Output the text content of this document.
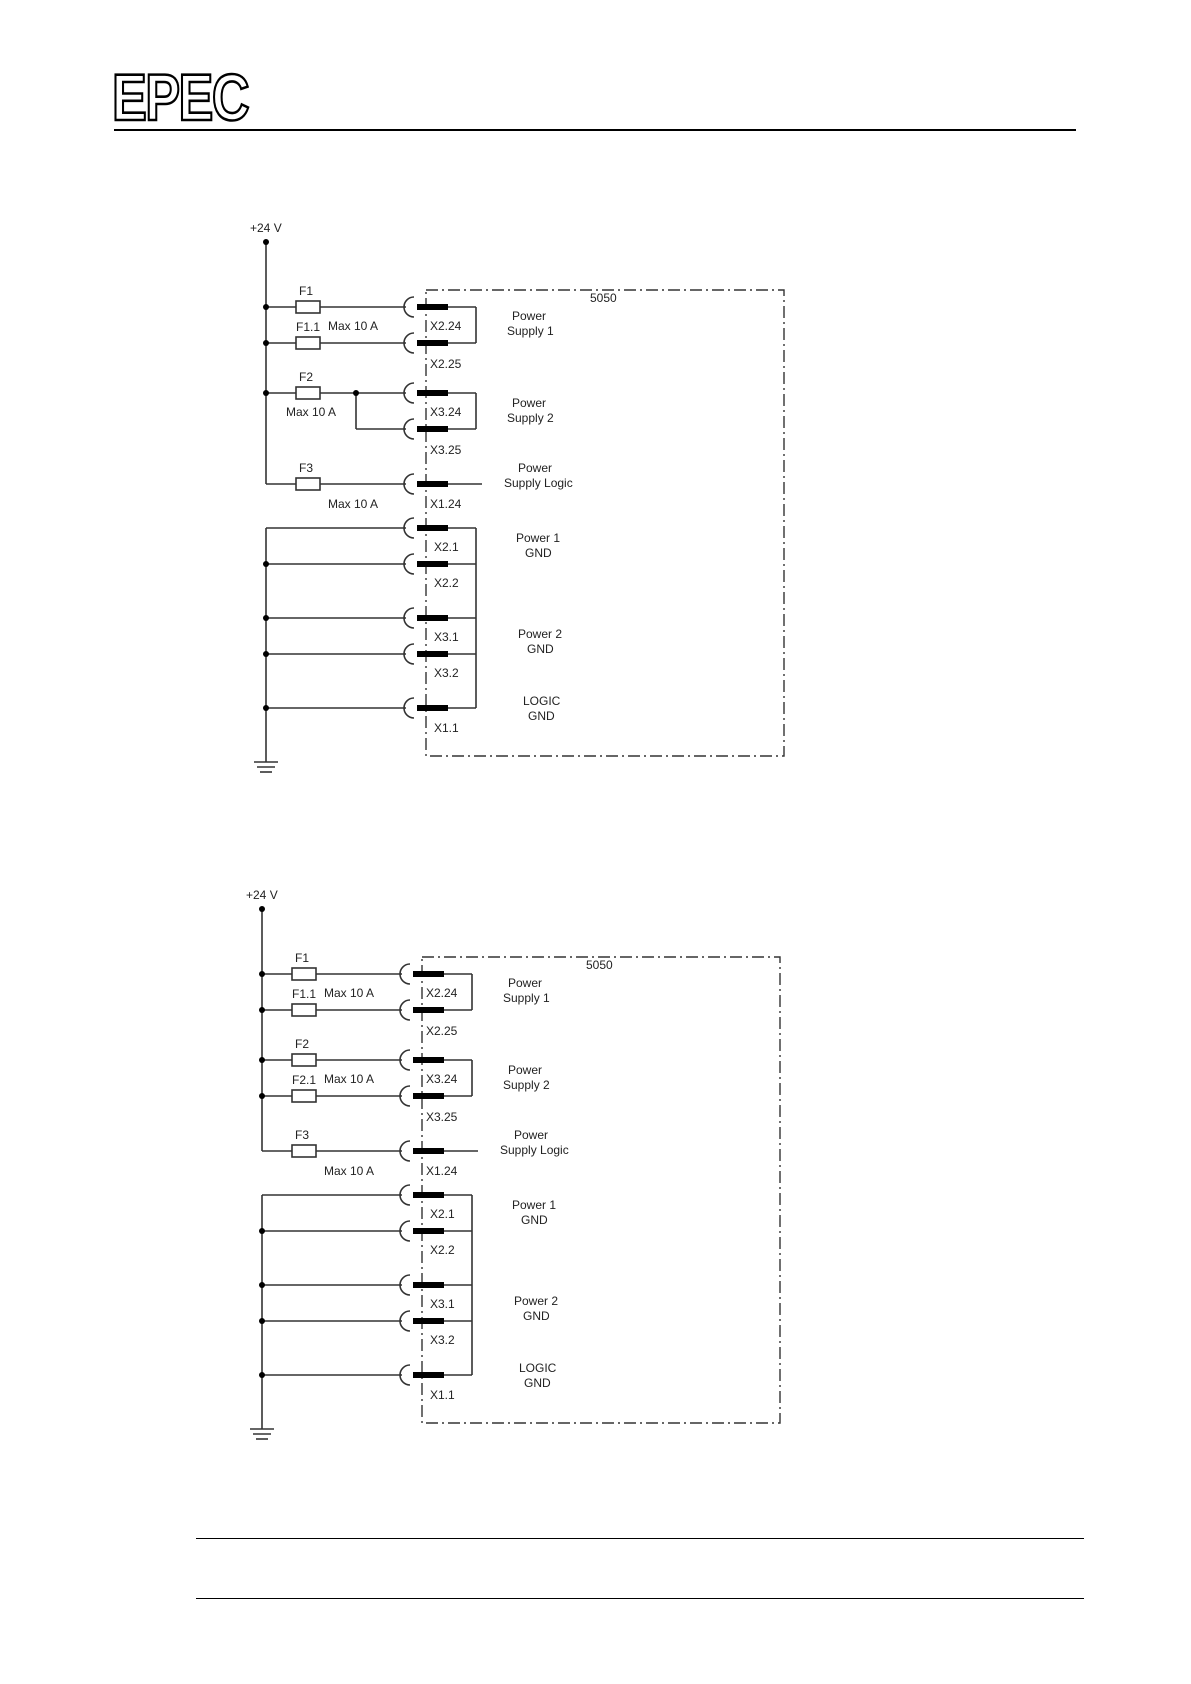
EPEC
+24 V
5050
F1
F1.1
F2
F3
Max 10 A
Max 10 A
Max 10 A
X2.24
X2.25
X3.24
X3.25
X1.24
X2.1
X2.2
X3.1
X3.2
X1.1
Power
Supply 1
Power
Supply 2
Power
Supply Logic
Power 1
GND
Power 2
GND
LOGIC
GND
+24 V
5050
F1
F1.1
F2
F2.1
F3
Max 10 A
Max 10 A
Max 10 A
X2.24
X2.25
X3.24
X3.25
X1.24
X2.1
X2.2
X3.1
X3.2
X1.1
Power
Supply 1
Power
Supply 2
Power
Supply Logic
Power 1
GND
Power 2
GND
LOGIC
GND
